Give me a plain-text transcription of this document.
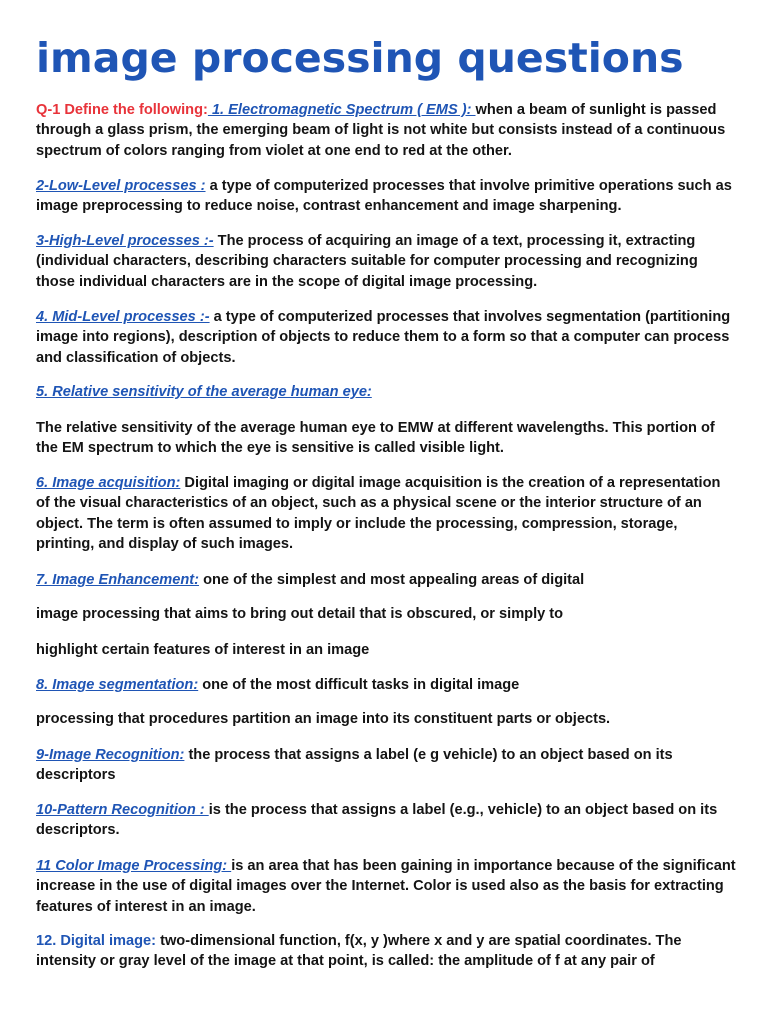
image processing questions
Q-1 Define the following: 1. Electromagnetic Spectrum ( EMS ): when a beam of sunlight is passed through a glass prism, the emerging beam of light is not white but consists instead of a continuous spectrum of colors ranging from violet at one end to red at the other.
2-Low-Level processes : a type of computerized processes that involve primitive operations such as image preprocessing to reduce noise, contrast enhancement and image sharpening.
3-High-Level processes :- The process of acquiring an image of a text, processing it, extracting (individual characters, describing characters suitable for computer processing and recognizing those individual characters are in the scope of digital image processing.
4. Mid-Level processes :- a type of computerized processes that involves segmentation (partitioning image into regions), description of objects to reduce them to a form so that a computer can process and classification of objects.
5. Relative sensitivity of the average human eye:
The relative sensitivity of the average human eye to EMW at different wavelengths. This portion of the EM spectrum to which the eye is sensitive is called visible light.
6. Image acquisition: Digital imaging or digital image acquisition is the creation of a representation of the visual characteristics of an object, such as a physical scene or the interior structure of an object. The term is often assumed to imply or include the processing, compression, storage, printing, and display of such images.
7. Image Enhancement: one of the simplest and most appealing areas of digital
image processing that aims to bring out detail that is obscured, or simply to
highlight certain features of interest in an image
8. Image segmentation: one of the most difficult tasks in digital image
processing that procedures partition an image into its constituent parts or objects.
9-Image Recognition: the process that assigns a label (e g vehicle) to an object based on its descriptors
10-Pattern Recognition : is the process that assigns a label (e.g., vehicle) to an object based on its descriptors.
11 Color Image Processing: is an area that has been gaining in importance because of the significant increase in the use of digital images over the Internet. Color is used also as the basis for extracting features of interest in an image.
12. Digital image: two-dimensional function, f(x, y )where x and y are spatial coordinates. The intensity or gray level of the image at that point, is called: the amplitude of f at any pair of
